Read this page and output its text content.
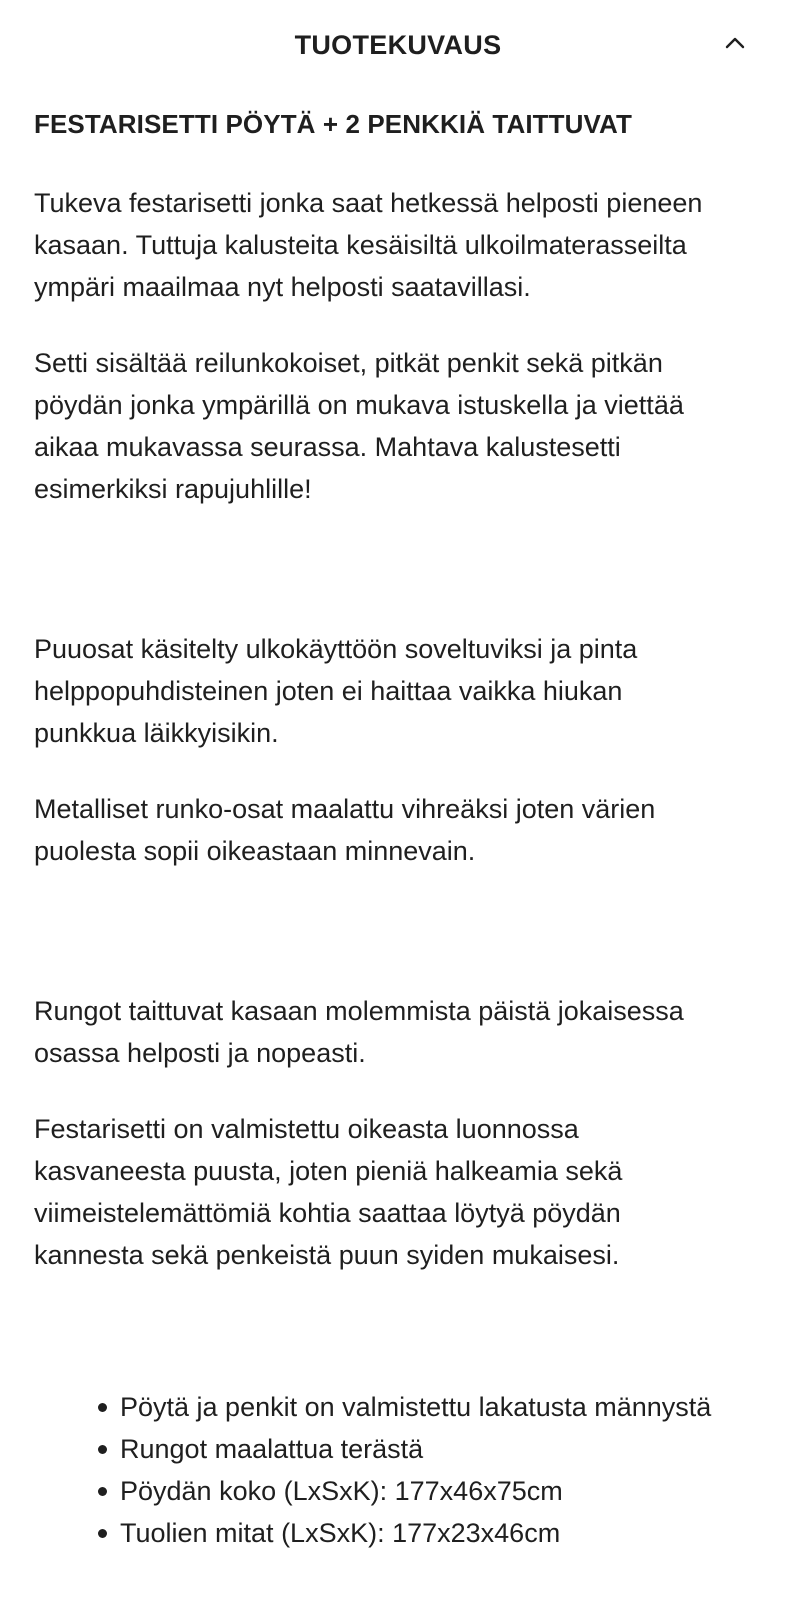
TUOTEKUVAUS
FESTARISETTI PÖYTÄ + 2 PENKKIÄ TAITTUVAT

Tukeva festarisetti jonka saat hetkessä helposti pieneen
kasaan. Tuttuja kalusteita kesäisiltä ulkoilmaterasseilta
ympäri maailmaa nyt helposti saatavillasi.

Setti sisältää reilunkokoiset, pitkät penkit sekä pitkän
pöydän jonka ympärillä on mukava istuskella ja viettää
aikaa mukavassa seurassa. Mahtava kalustesetti
esimerkiksi rapujuhlille!

Puuosat käsitelty ulkokäyttöön soveltuviksi ja pinta
helppopuhdisteinen joten ei haittaa vaikka hiukan
punkkua läikkyisikin.

Metalliset runko-osat maalattu vihreäksi joten värien
puolesta sopii oikeastaan minnevain.

Rungot taittuvat kasaan molemmista päistä jokaisessa
osassa helposti ja nopeasti.

Festarisetti on valmistettu oikeasta luonnossa
kasvaneesta puusta, joten pieniä halkeamia sekä
viimeistelemättömiä kohtia saattaa löytyä pöydän
kannesta sekä penkeistä puun syiden mukaisesi.

Pöytä ja penkit on valmistettu lakatusta männystä
Rungot maalattua terästä
Pöydän koko (LxSxK): 177x46x75cm
Tuolien mitat (LxSxK): 177x23x46cm
